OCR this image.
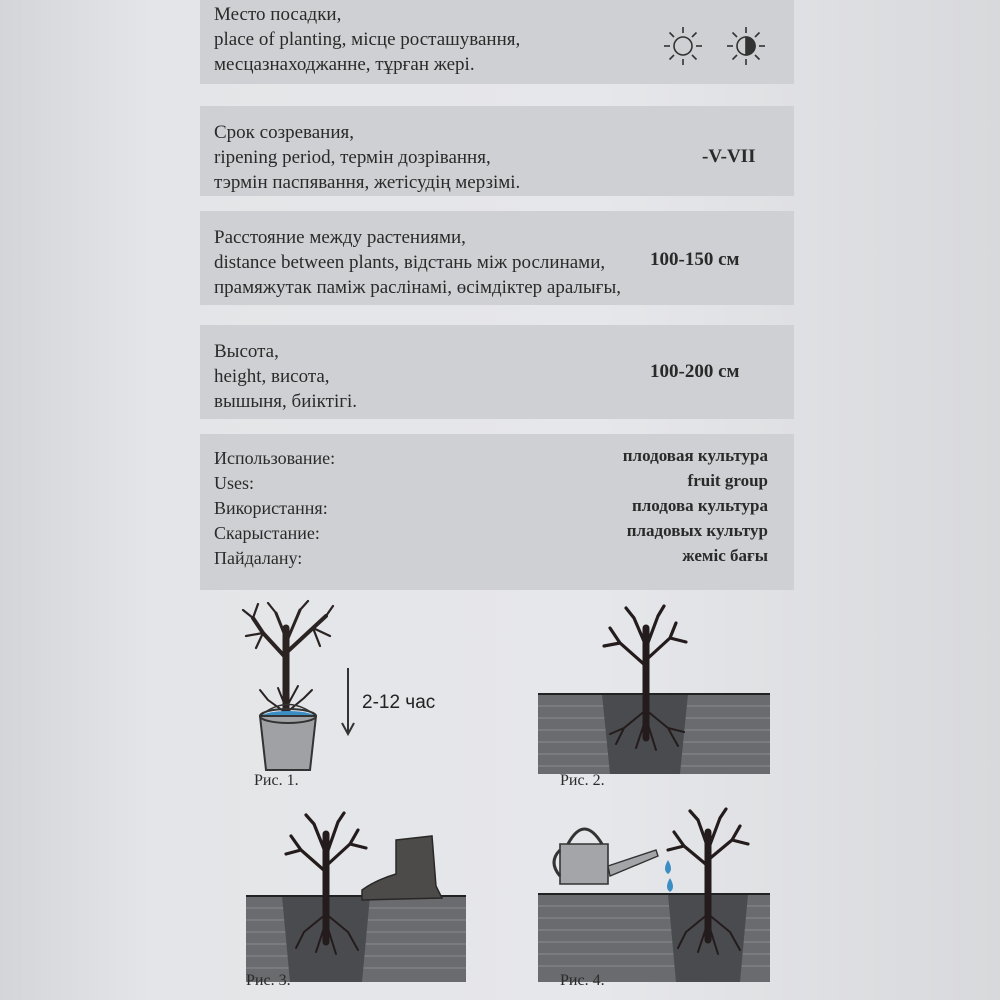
Место посадки,
place of planting, місце росташування,
месцазнаходжанне, тұрған жері.
Срок созревания,
ripening period, термін дозрівання,
тэрмін паспявання, жетісудің мерзімі.
-V-VII
Расстояние между растениями,
distance between plants, відстань між рослинами,
прамяжутак паміж раслінамі, өсімдіктер аралығы,
100-150 см
Высота,
height, висота,
вышыня, биіктігі.
100-200 см
Использование:
Uses:
Використання:
Скарыстание:
Пайдалану:
плодовая культура
fruit group
плодова культура
пладовых культур
жеміс бағы
2-12 час
Рис. 1.	Рис. 2.
Рис. 3.	Рис. 4.
